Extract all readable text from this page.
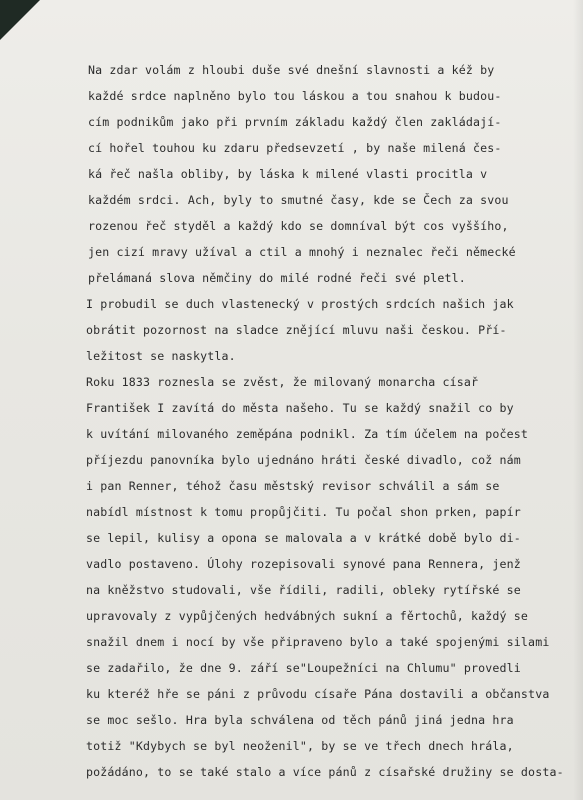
Na zdar volám z hloubi duše své dnešní slavnosti a kéž by
každé srdce naplněno bylo tou láskou a tou snahou k budou-
cím podnikům jako při prvním základu každý člen zakládají-
cí hořel touhou ku zdaru předsevzetí , by naše milená čes-
ká řeč našla obliby, by láska k milené vlasti procitla v
každém srdci. Ach, byly to smutné časy, kde se Čech za svou
rozenou řeč styděl a každý kdo se domníval být cos vyššího,
jen cizí mravy užíval a ctil a mnohý i neznalec řeči německé
přelámaná slova němčiny do milé rodné řeči své pletl.
I probudil se duch vlastenecký v prostých srdcích našich jak
obrátit pozornost na sladce znějící mluvu naši českou. Pří-
ležitost se naskytla.
Roku 1833 roznesla se zvěst, že milovaný monarcha císař
František I zavítá do města našeho. Tu se každý snažil co by
k uvítání milovaného zeměpána podnikl. Za tím účelem na počest
příjezdu panovníka bylo ujednáno hráti české divadlo, což nám
i pan Renner, téhož času městský revisor schválil a sám se
nabídl místnost k tomu propůjčiti. Tu počal shon prken, papír
se lepil, kulisy a opona se malovala a v krátké době bylo di-
vadlo postaveno. Úlohy rozepisovali synové pana Rennera, jenž
na kněžstvo studovali, vše řídili, radili, obleky rytířské se
upravovaly z vypůjčených hedvábných sukní a fěrtochů, každý se
snažil dnem i nocí by vše připraveno bylo a také spojenými silami
se zadařilo, že dne 9. září se"Loupežníci na Chlumu" provedli
ku kteréž hře se páni z průvodu císaře Pána dostavili a občanstva
se moc sešlo. Hra byla schválena od těch pánů jiná jedna hra
totiž "Kdybych se byl neoženil", by se ve třech dnech hrála,
požádáno, to se také stalo a více pánů z císařské družiny se dosta-
